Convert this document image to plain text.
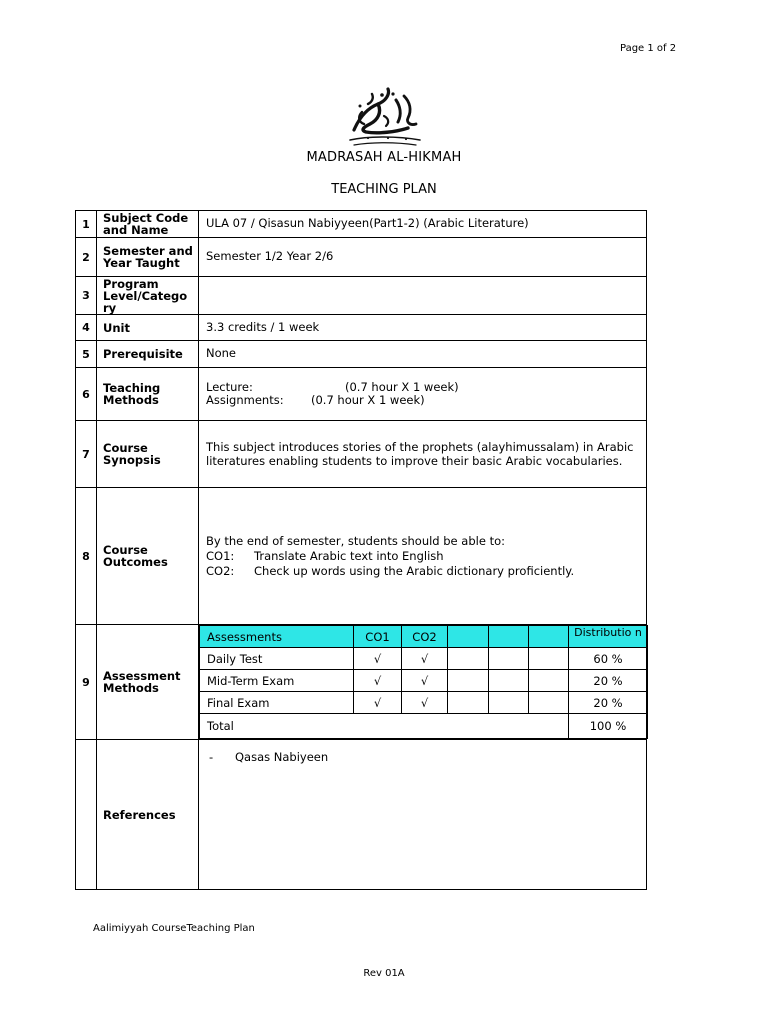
Page 1 of 2
MADRASAH AL-HIKMAH
TEACHING PLAN
1	Subject Code and Name	ULA 07 / Qisasun Nabiyyeen(Part1-2) (Arabic Literature)
2	Semester and Year Taught	Semester 1/2 Year 2/6
3	Program Level/Catego ry	
4	Unit	3.3 credits / 1 week
5	Prerequisite	None
6	Teaching Methods	
Lecture:	(0.7 hour X 1 week)
Assignments: (0.7 hour X 1 week)

7	Course Synopsis	This subject introduces stories of the prophets (alayhimussalam) in Arabic literatures enabling students to improve their basic Arabic vocabularies.
8	Course Outcomes	
By the end of semester, students should be able to:
CO1: Translate Arabic text into English
CO2: Check up words using the Arabic dictionary proficiently.

9	Assessment Methods	
Assessments	CO1	CO2				Distributio n

Daily Test	√	√				60 %
Mid-Term Exam	√	√				20 %
Final Exam	√	√				20 %
Total	100 %

	References	- Qasas Nabiyeen
Aalimiyyah CourseTeaching Plan
Rev 01A
